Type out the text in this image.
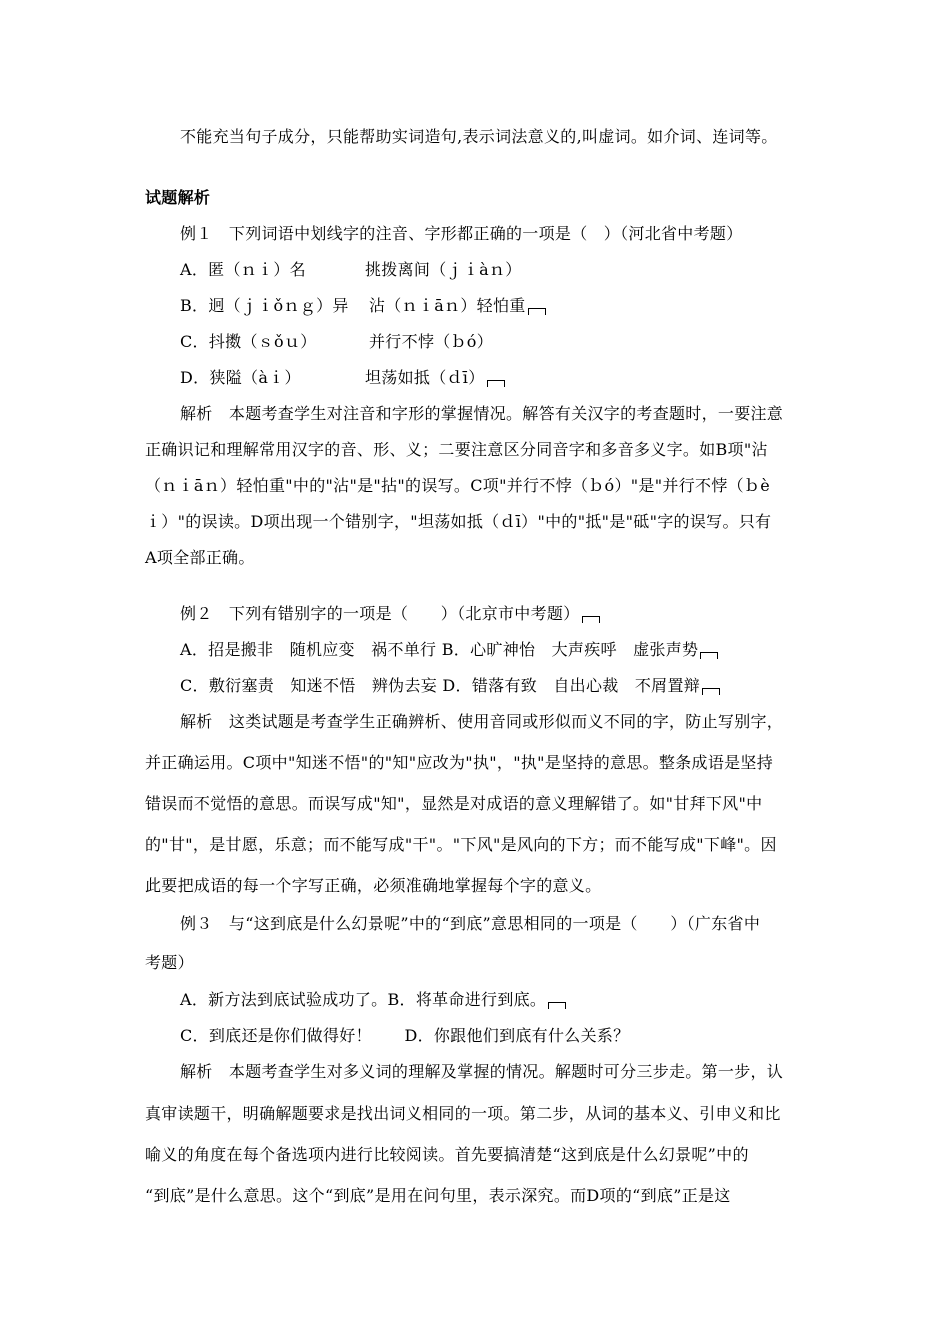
不能充当句子成分，只能帮助实词造句,表示词法意义的,叫虚词。如介词、连词等。
试题解析
例１　下列词语中划线字的注音、字形都正确的一项是（　）（河北省中考题）
A．匿（ｎｉ）名	挑拨离间（ｊｉàｎ）
B．迥（ｊｉǒｎｇ）异 沾（ｎｉāｎ）轻怕重
C．抖擞（ｓǒｕ）	并行不悖（ｂó）
D．狭隘（àｉ）	坦荡如抵（ｄī）
解析　本题考查学生对注音和字形的掌握情况。解答有关汉字的考查题时，一要注意
正确识记和理解常用汉字的音、形、义；二要注意区分同音字和多音多义字。如B项"沾
（ｎｉāｎ）轻怕重"中的"沾"是"拈"的误写。C项"并行不悖（ｂó）"是"并行不悖（ｂè
ｉ）"的误读。D项出现一个错别字，"坦荡如抵（ｄī）"中的"抵"是"砥"字的误写。只有
A项全部正确。
例２　下列有错别字的一项是（　　）（北京市中考题）
A．招是搬非　随机应变　祸不单行 B．心旷神怡　大声疾呼　虚张声势
C．敷衍塞责　知迷不悟　辨伪去妄 D．错落有致　自出心裁　不屑置辩
解析　这类试题是考查学生正确辨析、使用音同或形似而义不同的字，防止写别字，
并正确运用。C项中"知迷不悟"的"知"应改为"执"，"执"是坚持的意思。整条成语是坚持
错误而不觉悟的意思。而误写成"知"，显然是对成语的意义理解错了。如"甘拜下风"中
的"甘"，是甘愿，乐意；而不能写成"干"。"下风"是风向的下方；而不能写成"下峰"。因
此要把成语的每一个字写正确，必须准确地掌握每个字的意义。
例３　与“这到底是什么幻景呢”中的“到底”意思相同的一项是（　　）（广东省中
考题）
A．新方法到底试验成功了。B．将革命进行到底。
C．到底还是你们做得好！　　D．你跟他们到底有什么关系？
解析　本题考查学生对多义词的理解及掌握的情况。解题时可分三步走。第一步，认
真审读题干，明确解题要求是找出词义相同的一项。第二步，从词的基本义、引申义和比
喻义的角度在每个备选项内进行比较阅读。首先要搞清楚“这到底是什么幻景呢”中的
“到底”是什么意思。这个“到底”是用在问句里，表示深究。而D项的“到底”正是这
